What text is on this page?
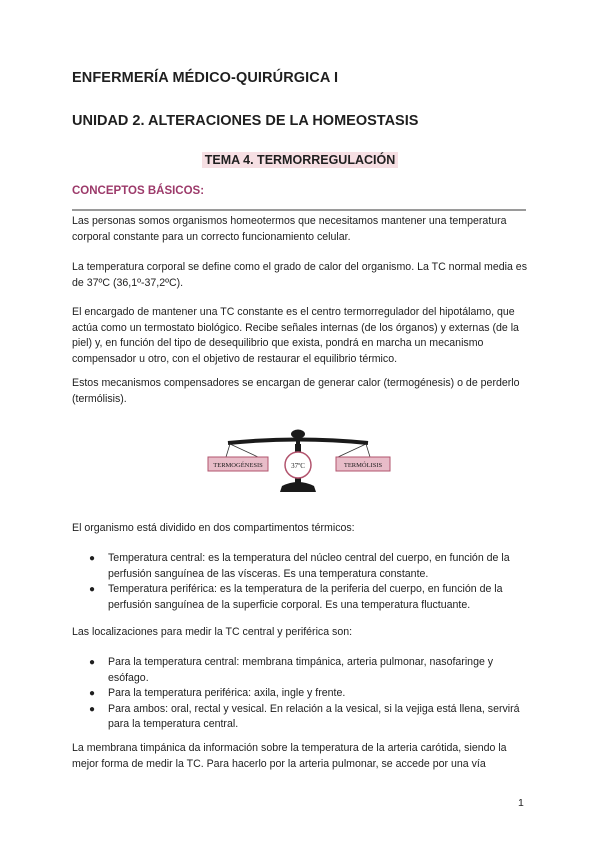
ENFERMERÍA MÉDICO-QUIRÚRGICA I
UNIDAD 2. ALTERACIONES DE LA HOMEOSTASIS
TEMA 4. TERMORREGULACIÓN
CONCEPTOS BÁSICOS:

Las personas somos organismos homeotermos que necesitamos mantener una temperatura corporal constante para un correcto funcionamiento celular.

La temperatura corporal se define como el grado de calor del organismo. La TC normal media es de 37ºC (36,1º-37,2ºC).

El encargado de mantener una TC constante es el centro termorregulador del hipotálamo, que actúa como un termostato biológico. Recibe señales internas (de los órganos) y externas (de la piel) y, en función del tipo de desequilibrio que exista, pondrá en marcha un mecanismo compensador u otro, con el objetivo de restaurar el equilibrio térmico.

Estos mecanismos compensadores se encargan de generar calor (termogénesis) o de perderlo (termólisis).

TERMOGÉNESIS	TERMÓLISIS
37ºC

El organismo está dividido en dos compartimentos térmicos:

● Temperatura central: es la temperatura del núcleo central del cuerpo, en función de la perfusión sanguínea de las vísceras. Es una temperatura constante.
● Temperatura periférica: es la temperatura de la periferia del cuerpo, en función de la perfusión sanguínea de la superficie corporal. Es una temperatura fluctuante.

Las localizaciones para medir la TC central y periférica son:

● Para la temperatura central: membrana timpánica, arteria pulmonar, nasofaringe y esófago.
● Para la temperatura periférica: axila, ingle y frente.
● Para ambos: oral, rectal y vesical. En relación a la vesical, si la vejiga está llena, servirá para la temperatura central.

La membrana timpánica da información sobre la temperatura de la arteria carótida, siendo la mejor forma de medir la TC. Para hacerlo por la arteria pulmonar, se accede por una vía

1
